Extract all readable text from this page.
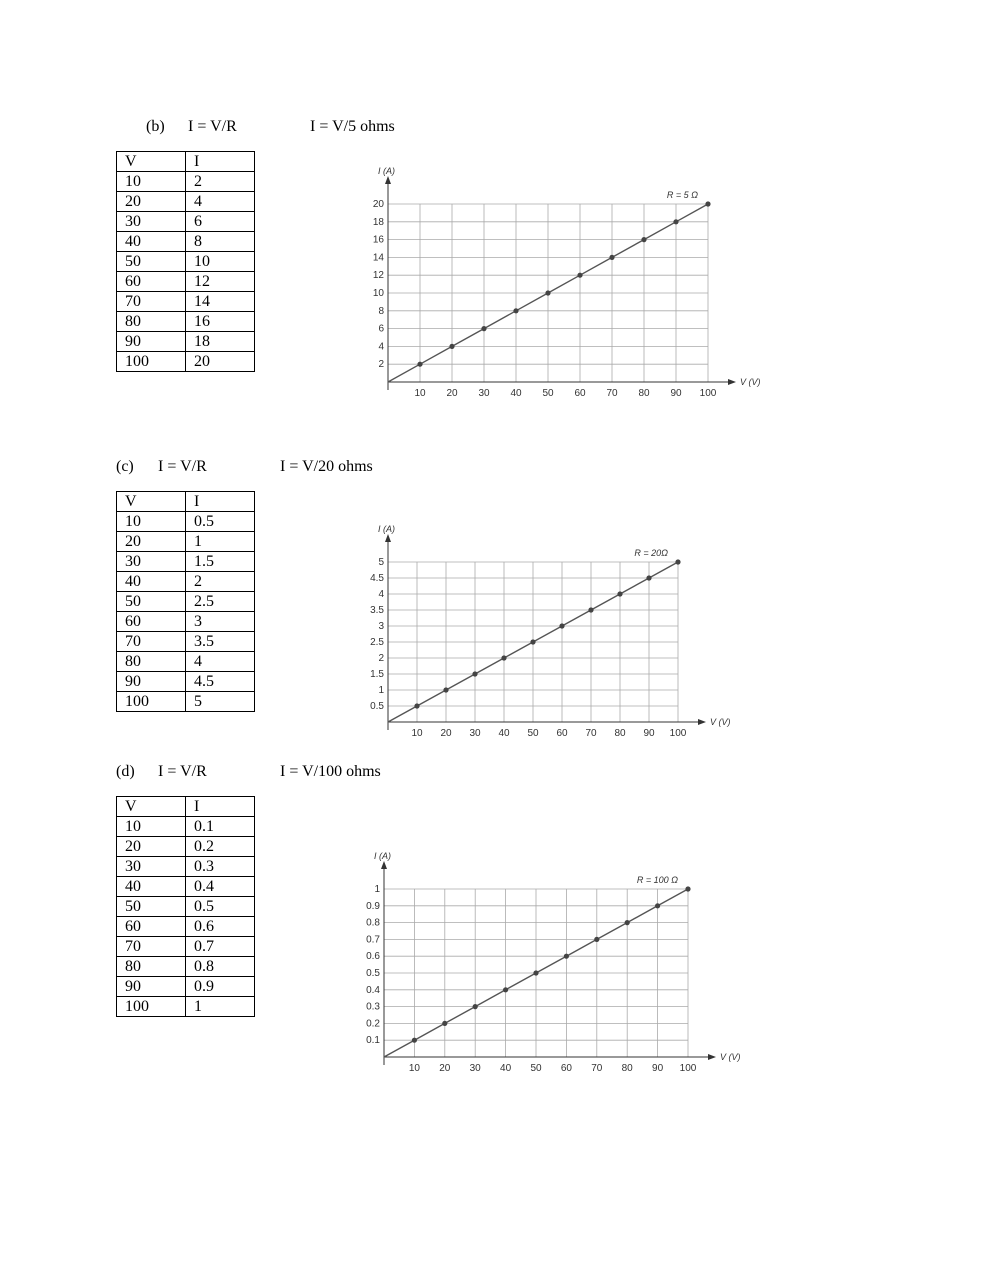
(b) I = V/R	I = V/5 ohms
V	I
10	2
20	4
30	6
40	8
50	10
60	12
70	14
80	16
90	18
100	20
10 20 30 40 50 60 70 80 90 100
2
4
6
8
10
12
14
16
18
20
I (A)
V (V)
R = 5 Ω
(c) I = V/R	I = V/20 ohms
V	I
10	0.5
20	1
30	1.5
40	2
50	2.5
60	3
70	3.5
80	4
90	4.5
100	5
10 20 30 40 50 60 70 80 90 100
0.5
1
1.5
2
2.5
3
3.5
4
4.5
5
I (A)
V (V)
R = 20Ω
(d) I = V/R	I = V/100 ohms
V	I
10	0.1
20	0.2
30	0.3
40	0.4
50	0.5
60	0.6
70	0.7
80	0.8
90	0.9
100	1
10 20 30 40 50 60 70 80 90 100
0.1
0.2
0.3
0.4
0.5
0.6
0.7
0.8
0.9
1
I (A)
V (V)
R = 100 Ω
